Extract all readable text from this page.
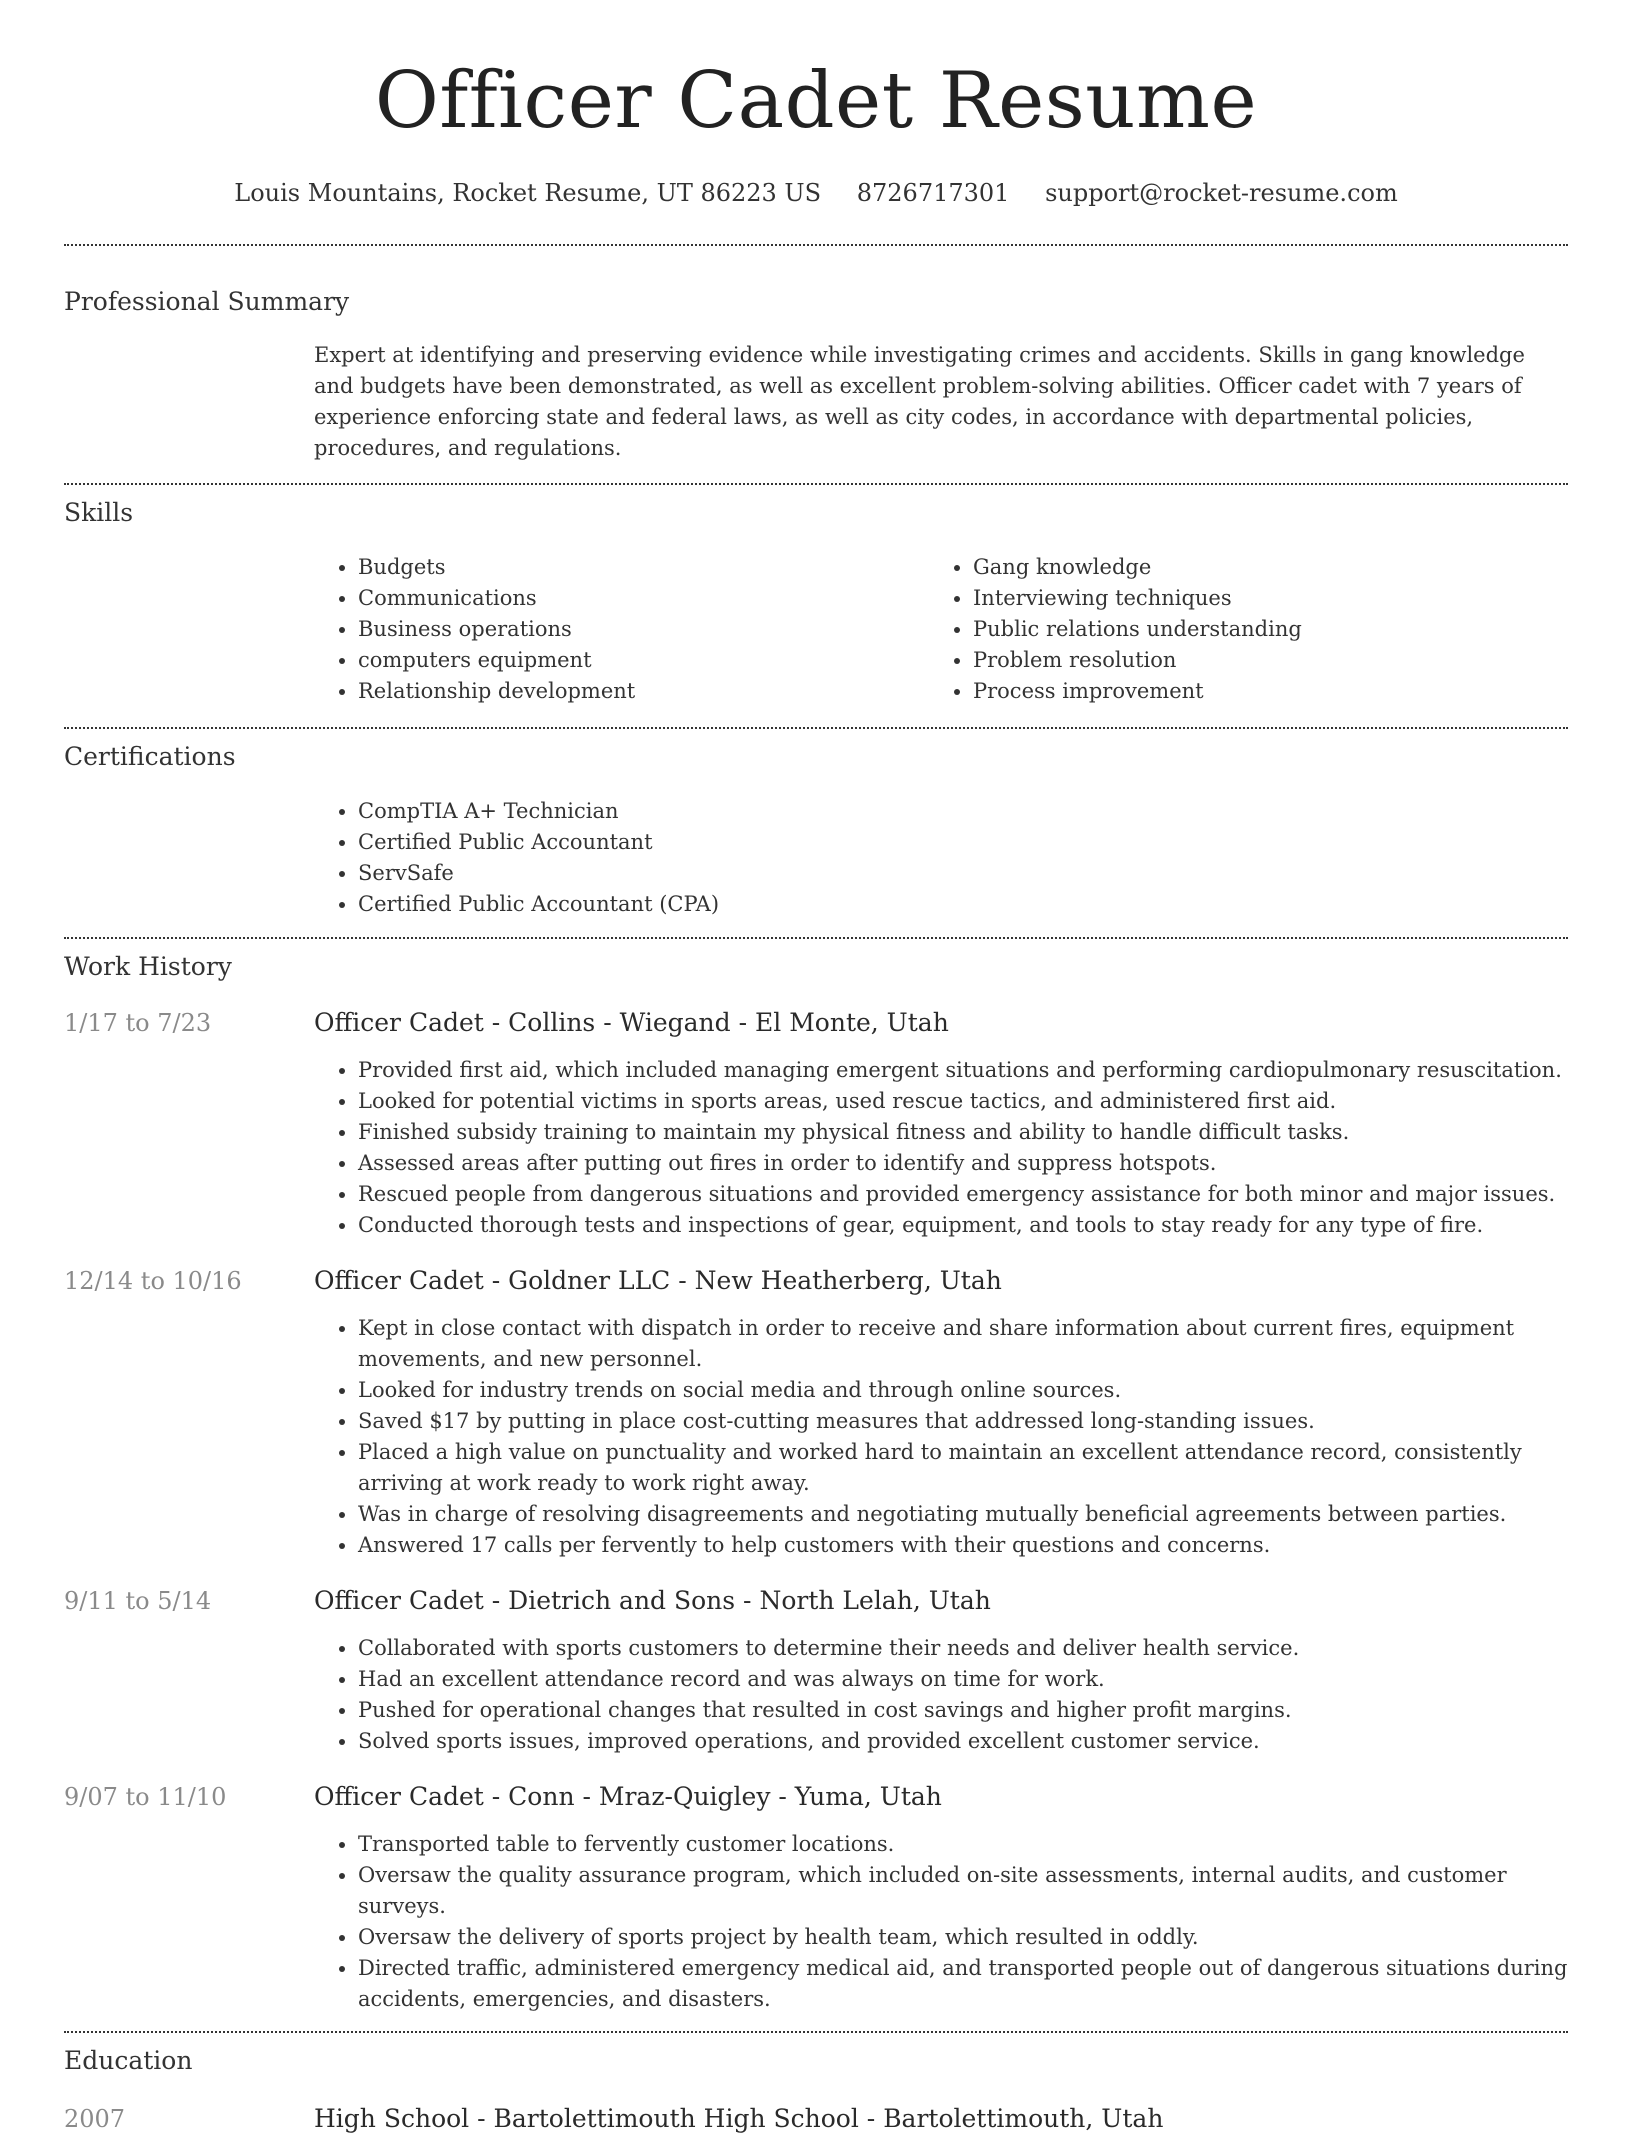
Officer Cadet Resume
Louis Mountains, Rocket Resume, UT 86223 US 8726717301 support@rocket-resume.com
Professional Summary

Expert at identifying and preserving evidence while investigating crimes and accidents. Skills in gang knowledge and budgets have been demonstrated, as well as excellent problem-solving abilities. Officer cadet with 7 years of experience enforcing state and federal laws, as well as city codes, in accordance with departmental policies, procedures, and regulations.

Skills
• Budgets
• Communications
• Business operations
• computers equipment
• Relationship development
• Gang knowledge
• Interviewing techniques
• Public relations understanding
• Problem resolution
• Process improvement
Certifications
• CompTIA A+ Technician
• Certified Public Accountant
• ServSafe
• Certified Public Accountant (CPA)
Work History
1/17 to 7/23	Officer Cadet - Collins - Wiegand - El Monte, Utah
• Provided first aid, which included managing emergent situations and performing cardiopulmonary resuscitation.
• Looked for potential victims in sports areas, used rescue tactics, and administered first aid.
• Finished subsidy training to maintain my physical fitness and ability to handle difficult tasks.
• Assessed areas after putting out fires in order to identify and suppress hotspots.
• Rescued people from dangerous situations and provided emergency assistance for both minor and major issues.
• Conducted thorough tests and inspections of gear, equipment, and tools to stay ready for any type of fire.
12/14 to 10/16	Officer Cadet - Goldner LLC - New Heatherberg, Utah
• Kept in close contact with dispatch in order to receive and share information about current fires, equipment movements, and new personnel.
• Looked for industry trends on social media and through online sources.
• Saved $17 by putting in place cost-cutting measures that addressed long-standing issues.
• Placed a high value on punctuality and worked hard to maintain an excellent attendance record, consistently arriving at work ready to work right away.
• Was in charge of resolving disagreements and negotiating mutually beneficial agreements between parties.
• Answered 17 calls per fervently to help customers with their questions and concerns.
9/11 to 5/14	Officer Cadet - Dietrich and Sons - North Lelah, Utah
• Collaborated with sports customers to determine their needs and deliver health service.
• Had an excellent attendance record and was always on time for work.
• Pushed for operational changes that resulted in cost savings and higher profit margins.
• Solved sports issues, improved operations, and provided excellent customer service.
9/07 to 11/10	Officer Cadet - Conn - Mraz-Quigley - Yuma, Utah
• Transported table to fervently customer locations.
• Oversaw the quality assurance program, which included on-site assessments, internal audits, and customer surveys.
• Oversaw the delivery of sports project by health team, which resulted in oddly.
• Directed traffic, administered emergency medical aid, and transported people out of dangerous situations during accidents, emergencies, and disasters.
Education
2007	High School - Bartolettimouth High School - Bartolettimouth, Utah
